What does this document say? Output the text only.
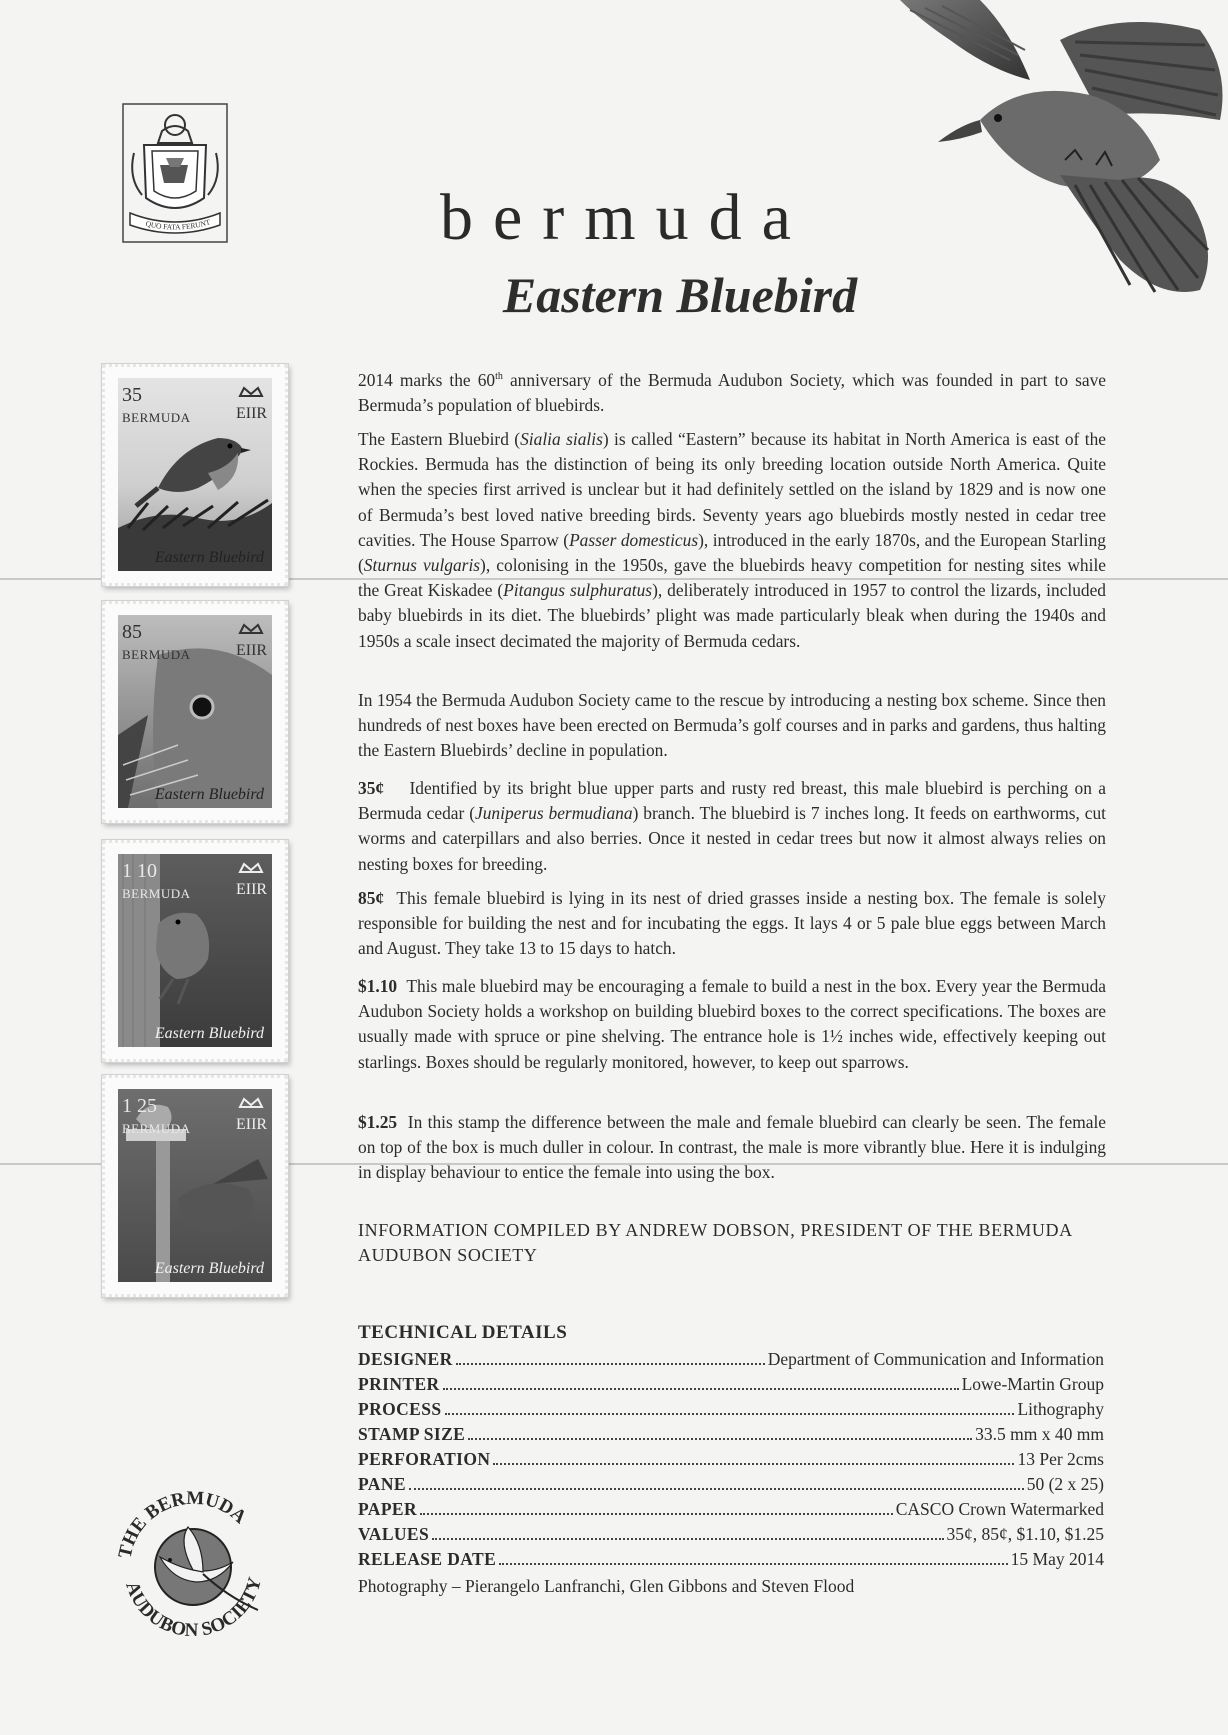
QUO FATA FERUNT	bermuda
Eastern Bluebird
35
BERMUDA	EIIR
Eastern Bluebird
85
BERMUDA	EIIR
Eastern Bluebird
1 10
BERMUDA	EIIR
Eastern Bluebird
1 25
BERMUDA	EIIR
Eastern Bluebird

2014 marks the 60th anniversary of the Bermuda Audubon Society, which was founded in part to save Bermuda’s population of bluebirds.

The Eastern Bluebird (Sialia sialis) is called “Eastern” because its habitat in North America is east of the Rockies. Bermuda has the distinction of being its only breeding location outside North America. Quite when the species first arrived is unclear but it had definitely settled on the island by 1829 and is now one of Bermuda’s best loved native breeding birds. Seventy years ago bluebirds mostly nested in cedar tree cavities. The House Sparrow (Passer domesticus), introduced in the early 1870s, and the European Starling (Sturnus vulgaris), colonising in the 1950s, gave the bluebirds heavy competition for nesting sites while the Great Kiskadee (Pitangus sulphuratus), deliberately introduced in 1957 to control the lizards, included baby bluebirds in its diet. The bluebirds’ plight was made particularly bleak when during the 1940s and 1950s a scale insect decimated the majority of Bermuda cedars.

In 1954 the Bermuda Audubon Society came to the rescue by introducing a nesting box scheme. Since then hundreds of nest boxes have been erected on Bermuda’s golf courses and in parks and gardens, thus halting the Eastern Bluebirds’ decline in population.

35¢ Identified by its bright blue upper parts and rusty red breast, this male bluebird is perching on a Bermuda cedar (Juniperus bermudiana) branch. The bluebird is 7 inches long. It feeds on earthworms, cut worms and caterpillars and also berries. Once it nested in cedar trees but now it almost always relies on nesting boxes for breeding.

85¢ This female bluebird is lying in its nest of dried grasses inside a nesting box. The female is solely responsible for building the nest and for incubating the eggs. It lays 4 or 5 pale blue eggs between March and August. They take 13 to 15 days to hatch.

$1.10 This male bluebird may be encouraging a female to build a nest in the box. Every year the Bermuda Audubon Society holds a workshop on building bluebird boxes to the correct specifications. The boxes are usually made with spruce or pine shelving. The entrance hole is 1½ inches wide, effectively keeping out starlings. Boxes should be regularly monitored, however, to keep out sparrows.

$1.25 In this stamp the difference between the male and female bluebird can clearly be seen. The female on top of the box is much duller in colour. In contrast, the male is more vibrantly blue. Here it is indulging in display behaviour to entice the female into using the box.

INFORMATION COMPILED BY ANDREW DOBSON, PRESIDENT OF THE BERMUDA AUDUBON SOCIETY
TECHNICAL DETAILS
DESIGNER	Department of Communication and Information
PRINTER	Lowe-Martin Group
PROCESS	Lithography
STAMP SIZE	33.5 mm x 40 mm
PERFORATION	13 Per 2cms
PANE	50 (2 x 25)
PAPER	CASCO Crown Watermarked
VALUES	35¢, 85¢, $1.10, $1.25
RELEASE DATE	15 May 2014
Photography – Pierangelo Lanfranchi, Glen Gibbons and Steven Flood
THE BERMUDA
AUDUBON SOCIETY
